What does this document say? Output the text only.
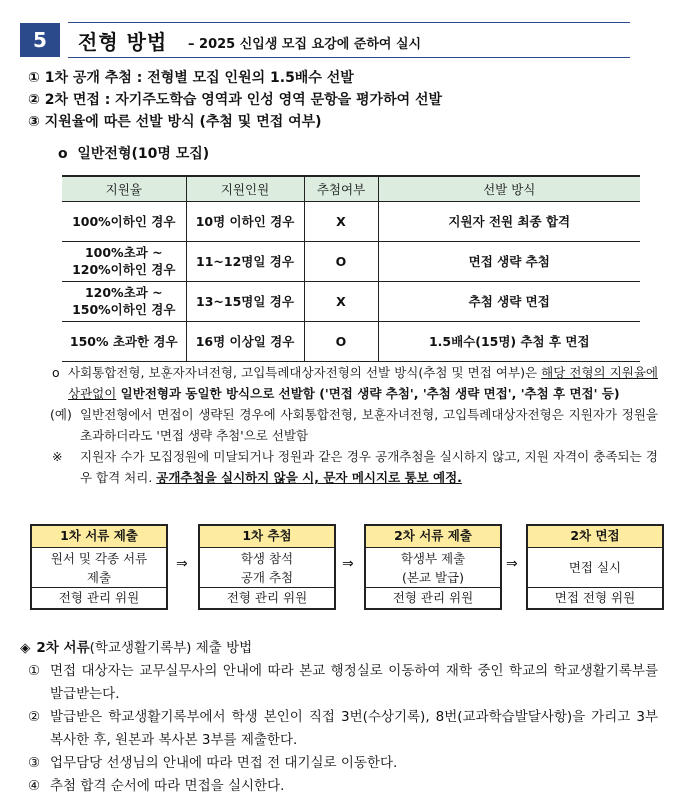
5	전형 방법 – 2025 신입생 모집 요강에 준하여 실시
① 1차 공개 추첨 : 전형별 모집 인원의 1.5배수 선발
② 2차 면접 : 자기주도학습 영역과 인성 영역 문항을 평가하여 선발
③ 지원율에 따른 선발 방식 (추첨 및 면접 여부)
o 일반전형(10명 모집)
지원율	지원인원	추첨여부	선발 방식
100%이하인 경우	10명 이하인 경우	X	지원자 전원 최종 합격
100%초과 ~ 120%이하인 경우	11~12명일 경우	O	면접 생략 추첨
120%초과 ~ 150%이하인 경우	13~15명일 경우	X	추첨 생략 면접
150% 초과한 경우	16명 이상일 경우	O	1.5배수(15명) 추첨 후 면접
o 사회통합전형, 보훈자자녀전형, 고입특례대상자전형의 선발 방식(추첨 및 면접 여부)은 해당 전형의 지원율에 상관없이 일반전형과 동일한 방식으로 선발함 ('면접 생략 추첨', '추첨 생략 면접', '추첨 후 면접' 등)
(예) 일반전형에서 면접이 생략된 경우에 사회통합전형, 보훈자녀전형, 고입특례대상자전형은 지원자가 정원을 초과하더라도 '면접 생략 추첨'으로 선발함
※ 지원자 수가 모집정원에 미달되거나 정원과 같은 경우 공개추첨을 실시하지 않고, 지원 자격이 충족되는 경우 합격 처리. 공개추첨을 실시하지 않을 시, 문자 메시지로 통보 예정.
1차 서류 제출
원서 및 각종 서류
제출
전형 관리 위원
⇒
1차 추첨
학생 참석
공개 추첨
전형 관리 위원
⇒
2차 서류 제출
학생부 제출
(본교 발급)
전형 관리 위원
⇒
2차 면접
면접 실시
면접 전형 위원
◈ 2차 서류(학교생활기록부) 제출 방법
① 면접 대상자는 교무실무사의 안내에 따라 본교 행정실로 이동하여 재학 중인 학교의 학교생활기록부를 발급받는다.
② 발급받은 학교생활기록부에서 학생 본인이 직접 3번(수상기록), 8번(교과학습발달사항)을 가리고 3부 복사한 후, 원본과 복사본 3부를 제출한다.
③ 업무담당 선생님의 안내에 따라 면접 전 대기실로 이동한다.
④ 추첨 합격 순서에 따라 면접을 실시한다.
